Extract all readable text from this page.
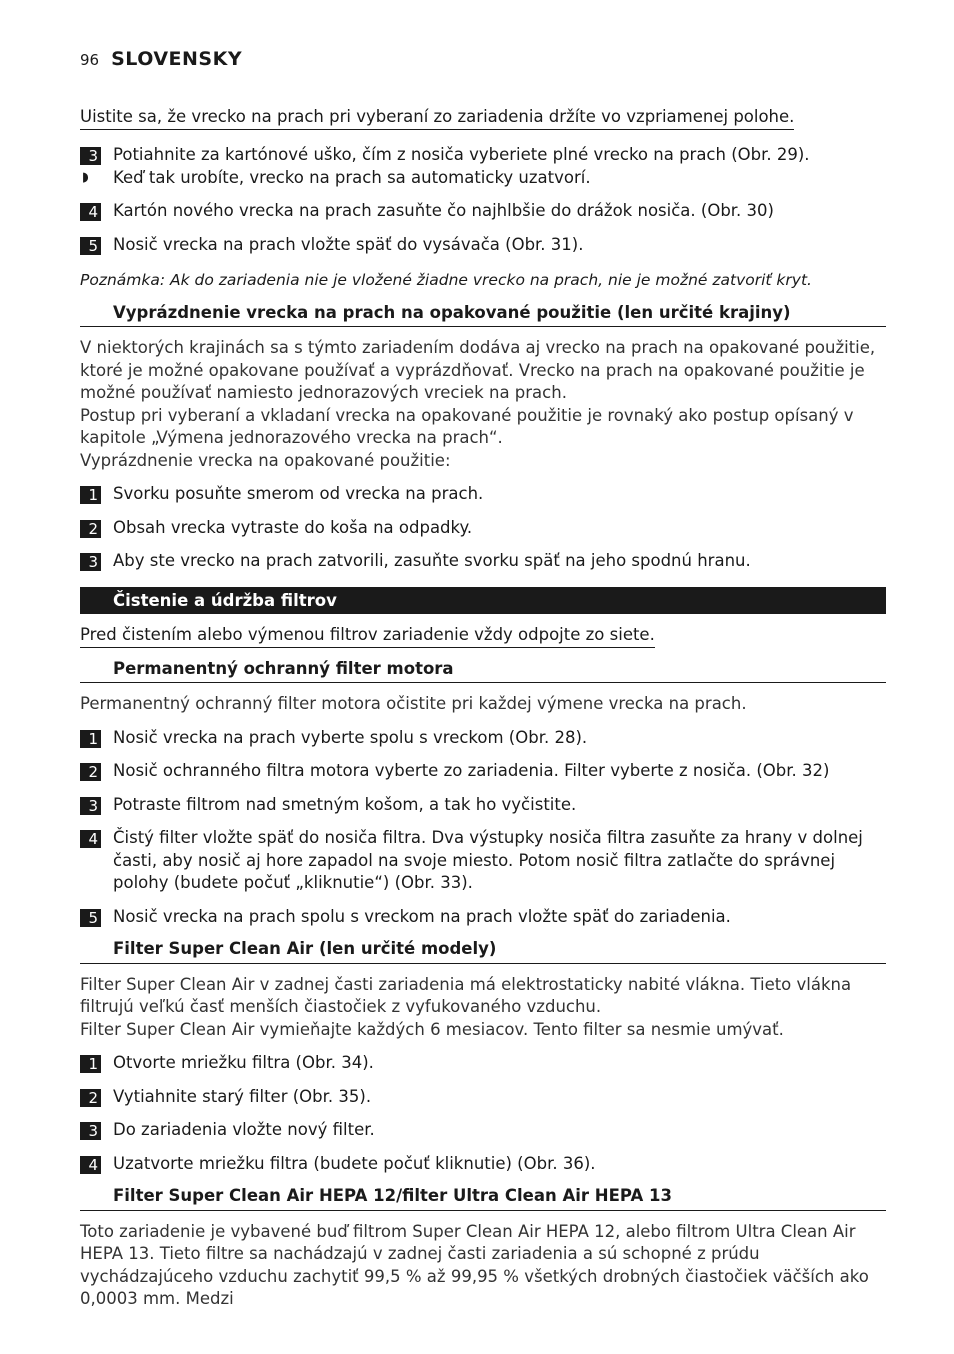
96 SLOVENSKY
Uistite sa, že vrecko na prach pri vyberaní zo zariadenia držíte vo vzpriamenej polohe.
3 Potiahnite za kartónové uško, čím z nosiča vyberiete plné vrecko na prach (Obr. 29).
◗ Keď tak urobíte, vrecko na prach sa automaticky uzatvorí.
4 Kartón nového vrecka na prach zasuňte čo najhlbšie do drážok nosiča. (Obr. 30)
5 Nosič vrecka na prach vložte späť do vysávača (Obr. 31).
Poznámka: Ak do zariadenia nie je vložené žiadne vrecko na prach, nie je možné zatvoriť kryt.
Vyprázdnenie vrecka na prach na opakované použitie (len určité krajiny)

V niektorých krajinách sa s týmto zariadením dodáva aj vrecko na prach na opakované použitie, ktoré je možné opakovane používať a vyprázdňovať. Vrecko na prach na opakované použitie je možné používať namiesto jednorazových vreciek na prach.

Postup pri vyberaní a vkladaní vrecka na opakované použitie je rovnaký ako postup opísaný v kapitole „Výmena jednorazového vrecka na prach“.

Vyprázdnenie vrecka na opakované použitie:

1 Svorku posuňte smerom od vrecka na prach.
2 Obsah vrecka vytraste do koša na odpadky.
3 Aby ste vrecko na prach zatvorili, zasuňte svorku späť na jeho spodnú hranu.
Čistenie a údržba filtrov
Pred čistením alebo výmenou filtrov zariadenie vždy odpojte zo siete.
Permanentný ochranný filter motora

Permanentný ochranný filter motora očistite pri každej výmene vrecka na prach.

1 Nosič vrecka na prach vyberte spolu s vreckom (Obr. 28).
2 Nosič ochranného filtra motora vyberte zo zariadenia. Filter vyberte z nosiča. (Obr. 32)
3 Potraste filtrom nad smetným košom, a tak ho vyčistite.
4 Čistý filter vložte späť do nosiča filtra. Dva výstupky nosiča filtra zasuňte za hrany v dolnej časti, aby nosič aj hore zapadol na svoje miesto. Potom nosič filtra zatlačte do správnej polohy (budete počuť „kliknutie“) (Obr. 33).
5 Nosič vrecka na prach spolu s vreckom na prach vložte späť do zariadenia.
Filter Super Clean Air (len určité modely)

Filter Super Clean Air v zadnej časti zariadenia má elektrostaticky nabité vlákna. Tieto vlákna filtrujú veľkú časť menších čiastočiek z vyfukovaného vzduchu.

Filter Super Clean Air vymieňajte každých 6 mesiacov. Tento filter sa nesmie umývať.

1 Otvorte mriežku filtra (Obr. 34).
2 Vytiahnite starý filter (Obr. 35).
3 Do zariadenia vložte nový filter.
4 Uzatvorte mriežku filtra (budete počuť kliknutie) (Obr. 36).
Filter Super Clean Air HEPA 12/filter Ultra Clean Air HEPA 13

Toto zariadenie je vybavené buď filtrom Super Clean Air HEPA 12, alebo filtrom Ultra Clean Air HEPA 13. Tieto filtre sa nachádzajú v zadnej časti zariadenia a sú schopné z prúdu vychádzajúceho vzduchu zachytiť 99,5 % až 99,95 % všetkých drobných čiastočiek väčších ako 0,0003 mm. Medzi
